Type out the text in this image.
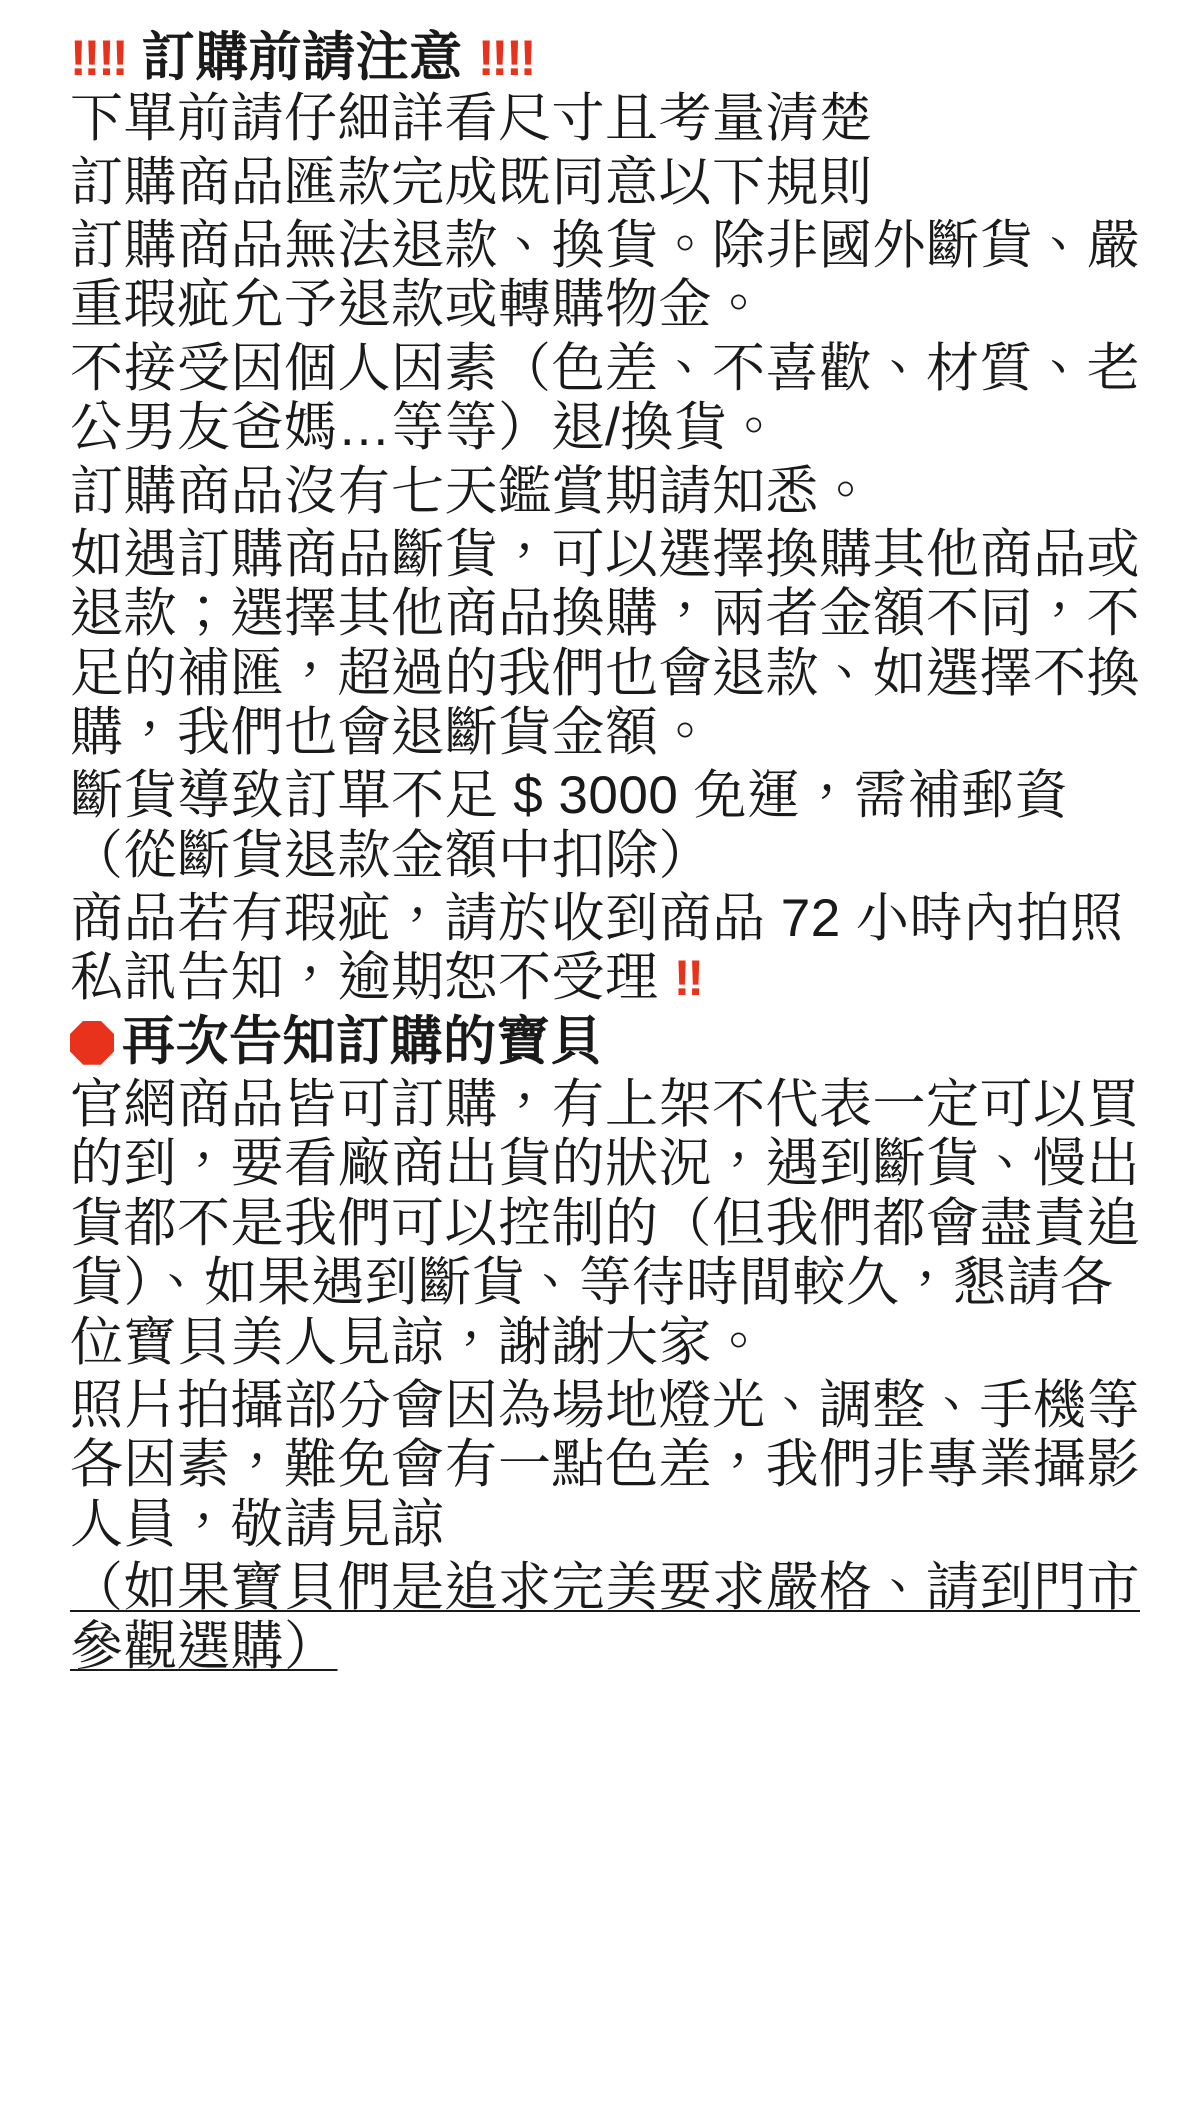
‼‼ 訂購前請注意 ‼‼

下單前請仔細詳看尺寸且考量清楚

訂購商品匯款完成既同意以下規則

訂購商品無法退款、換貨。除非國外斷貨、嚴重瑕疵允予退款或轉購物金。

不接受因個人因素（色差、不喜歡、材質、老公男友爸媽…等等）退/換貨。

訂購商品沒有七天鑑賞期請知悉。

如遇訂購商品斷貨，可以選擇換購其他商品或退款；選擇其他商品換購，兩者金額不同，不足的補匯，超過的我們也會退款、如選擇不換購，我們也會退斷貨金額。

斷貨導致訂單不足 $ 3000 免運，需補郵資（從斷貨退款金額中扣除）

商品若有瑕疵，請於收到商品 72 小時內拍照私訊告知，逾期恕不受理 ‼

再次告知訂購的寶貝

官網商品皆可訂購，有上架不代表一定可以買的到，要看廠商出貨的狀況，遇到斷貨、慢出貨都不是我們可以控制的（但我們都會盡責追貨）、如果遇到斷貨、等待時間較久，懇請各位寶貝美人見諒，謝謝大家。

照片拍攝部分會因為場地燈光、調整、手機等各因素，難免會有一點色差，我們非專業攝影人員，敬請見諒

（如果寶貝們是追求完美要求嚴格、請到門市參觀選購）
